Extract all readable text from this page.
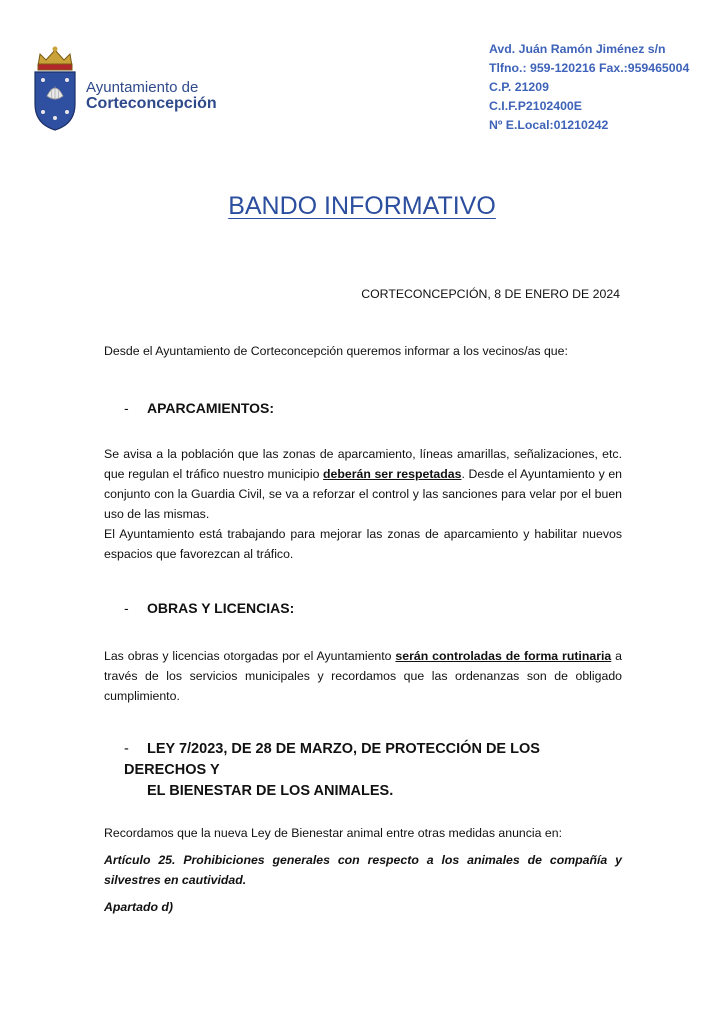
Ayuntamiento de
Corteconcepción
Avd. Juán Ramón Jiménez s/n
Tlfno.: 959-120216 Fax.:959465004
C.P. 21209
C.I.F.P2102400E
Nº E.Local:01210242
BANDO INFORMATIVO
CORTECONCEPCIÓN, 8 DE ENERO DE 2024
Desde el Ayuntamiento de Corteconcepción queremos informar a los vecinos/as que:
- APARCAMIENTOS:
Se avisa a la población que las zonas de aparcamiento, líneas amarillas, señalizaciones, etc. que regulan el tráfico nuestro municipio deberán ser respetadas. Desde el Ayuntamiento y en conjunto con la Guardia Civil, se va a reforzar el control y las sanciones para velar por el buen uso de las mismas.
El Ayuntamiento está trabajando para mejorar las zonas de aparcamiento y habilitar nuevos espacios que favorezcan al tráfico.
- OBRAS Y LICENCIAS:
Las obras y licencias otorgadas por el Ayuntamiento serán controladas de forma rutinaria a través de los servicios municipales y recordamos que las ordenanzas son de obligado cumplimiento.
- LEY 7/2023, DE 28 DE MARZO, DE PROTECCIÓN DE LOS DERECHOS Y
EL BIENESTAR DE LOS ANIMALES.
Recordamos que la nueva Ley de Bienestar animal entre otras medidas anuncia en:
Artículo 25. Prohibiciones generales con respecto a los animales de compañía y silvestres en cautividad.
Apartado d)
